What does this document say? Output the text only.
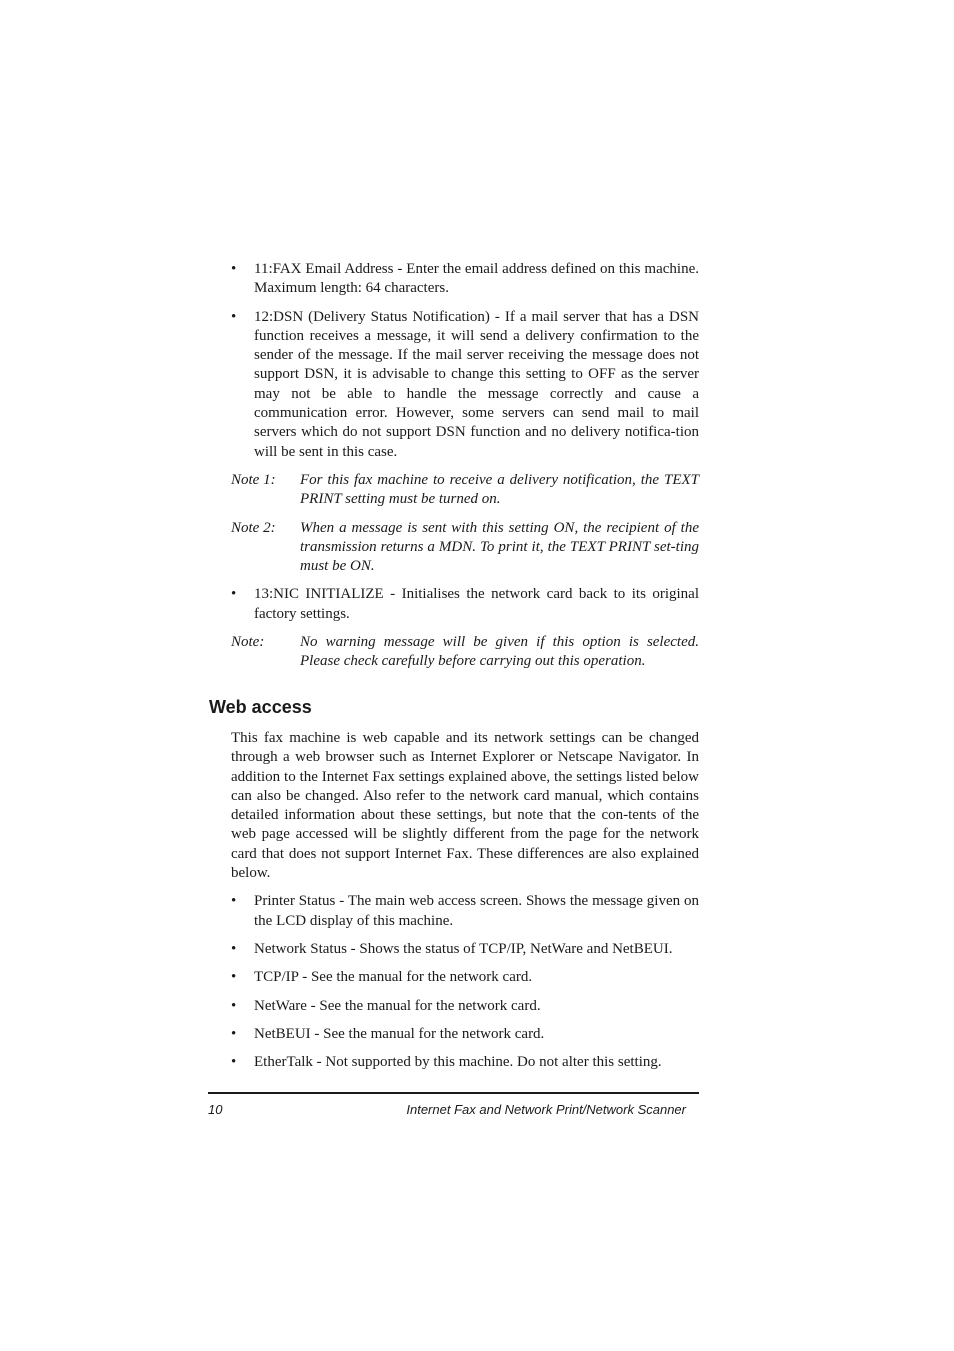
• 11:FAX Email Address - Enter the email address defined on this machine. Maximum length: 64 characters.
• 12:DSN (Delivery Status Notification) - If a mail server that has a DSN function receives a message, it will send a delivery confirmation to the sender of the message. If the mail server receiving the message does not support DSN, it is advisable to change this setting to OFF as the server may not be able to handle the message correctly and cause a communication error. However, some servers can send mail to mail servers which do not support DSN function and no delivery notifica-tion will be sent in this case.
Note 1: For this fax machine to receive a delivery notification, the TEXT PRINT setting must be turned on.
Note 2: When a message is sent with this setting ON, the recipient of the transmission returns a MDN. To print it, the TEXT PRINT set-ting must be ON.
• 13:NIC INITIALIZE - Initialises the network card back to its original factory settings.
Note: No warning message will be given if this option is selected. Please check carefully before carrying out this operation.
Web access

This fax machine is web capable and its network settings can be changed through a web browser such as Internet Explorer or Netscape Navigator. In addition to the Internet Fax settings explained above, the settings listed below can also be changed. Also refer to the network card manual, which contains detailed information about these settings, but note that the con-tents of the web page accessed will be slightly different from the page for the network card that does not support Internet Fax. These differences are also explained below.

• Printer Status - The main web access screen. Shows the message given on the LCD display of this machine.
• Network Status - Shows the status of TCP/IP, NetWare and NetBEUI.
• TCP/IP - See the manual for the network card.
• NetWare - See the manual for the network card.
• NetBEUI - See the manual for the network card.
• EtherTalk - Not supported by this machine. Do not alter this setting.
10	Internet Fax and Network Print/Network Scanner
